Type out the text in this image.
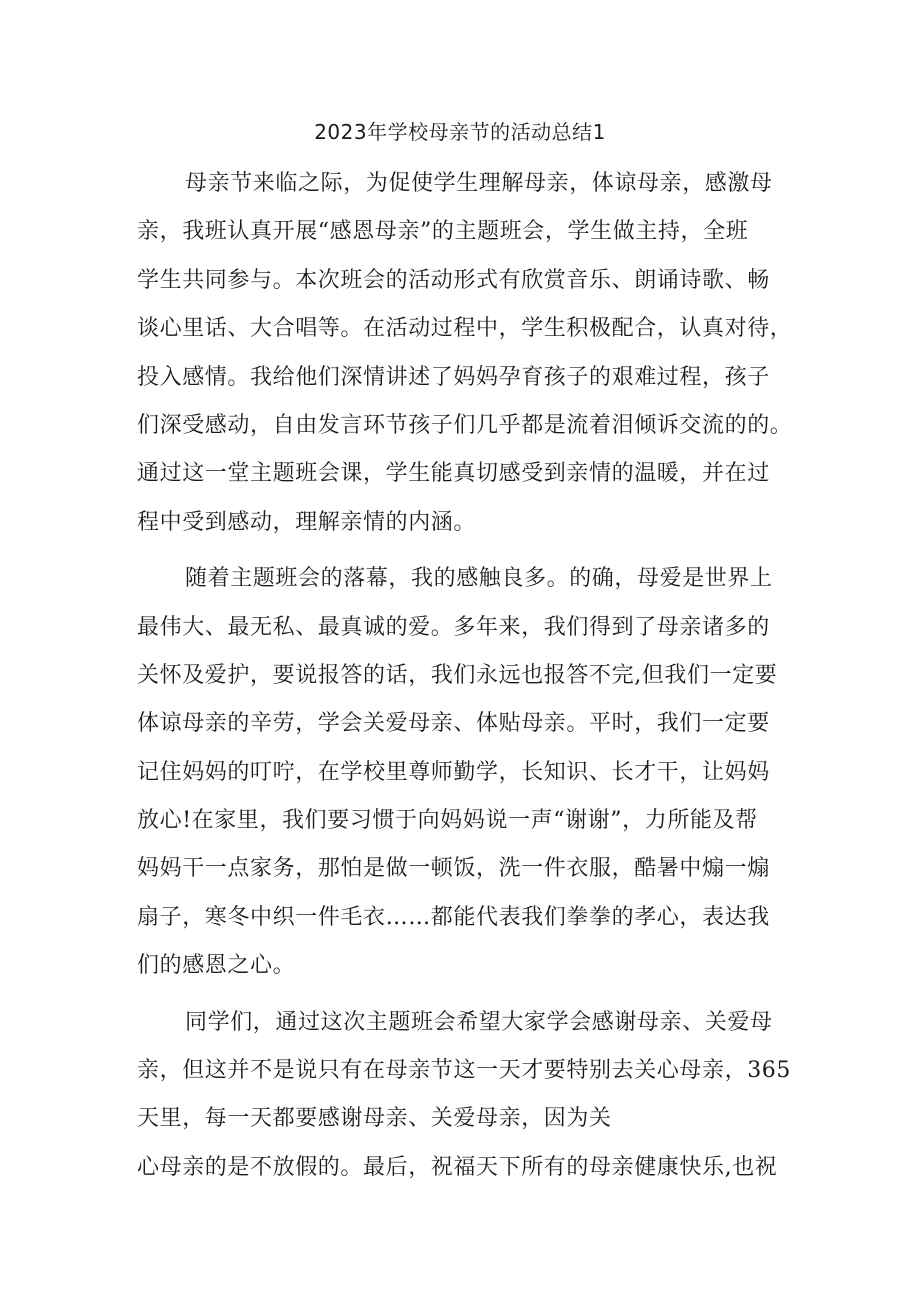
2023年学校母亲节的活动总结1
母亲节来临之际，为促使学生理解母亲，体谅母亲，感激母
亲，我班认真开展“感恩母亲”的主题班会，学生做主持，全班
学生共同参与。本次班会的活动形式有欣赏音乐、朗诵诗歌、畅
谈心里话、大合唱等。在活动过程中，学生积极配合，认真对待，
投入感情。我给他们深情讲述了妈妈孕育孩子的艰难过程，孩子
们深受感动，自由发言环节孩子们几乎都是流着泪倾诉交流的的。
通过这一堂主题班会课，学生能真切感受到亲情的温暖，并在过
程中受到感动，理解亲情的内涵。
随着主题班会的落幕，我的感触良多。的确，母爱是世界上
最伟大、最无私、最真诚的爱。多年来，我们得到了母亲诸多的
关怀及爱护，要说报答的话，我们永远也报答不完,但我们一定要
体谅母亲的辛劳，学会关爱母亲、体贴母亲。平时，我们一定要
记住妈妈的叮咛，在学校里尊师勤学，长知识、长才干，让妈妈
放心!在家里，我们要习惯于向妈妈说一声“谢谢”，力所能及帮
妈妈干一点家务，那怕是做一顿饭，洗一件衣服，酷暑中煽一煽
扇子，寒冬中织一件毛衣……都能代表我们拳拳的孝心，表达我
们的感恩之心。
同学们，通过这次主题班会希望大家学会感谢母亲、关爱母
亲，但这并不是说只有在母亲节这一天才要特别去关心母亲，365
天里，每一天都要感谢母亲、关爱母亲，因为关
心母亲的是不放假的。最后，祝福天下所有的母亲健康快乐,也祝
